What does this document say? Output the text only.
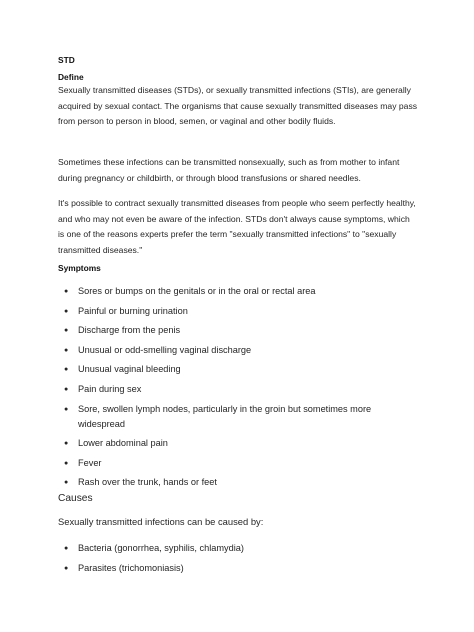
STD
Define
Sexually transmitted diseases (STDs), or sexually transmitted infections (STIs), are generally acquired by sexual contact. The organisms that cause sexually transmitted diseases may pass from person to person in blood, semen, or vaginal and other bodily fluids.
Sometimes these infections can be transmitted nonsexually, such as from mother to infant during pregnancy or childbirth, or through blood transfusions or shared needles.
It's possible to contract sexually transmitted diseases from people who seem perfectly healthy, and who may not even be aware of the infection. STDs don't always cause symptoms, which is one of the reasons experts prefer the term "sexually transmitted infections" to "sexually transmitted diseases."
Symptoms
● Sores or bumps on the genitals or in the oral or rectal area
● Painful or burning urination
● Discharge from the penis
● Unusual or odd-smelling vaginal discharge
● Unusual vaginal bleeding
● Pain during sex
● Sore, swollen lymph nodes, particularly in the groin but sometimes more widespread
● Lower abdominal pain
● Fever
● Rash over the trunk, hands or feet
Causes
Sexually transmitted infections can be caused by:
● Bacteria (gonorrhea, syphilis, chlamydia)
● Parasites (trichomoniasis)
